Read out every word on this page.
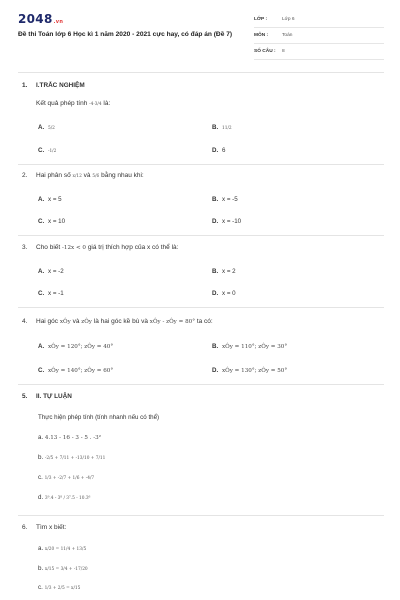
2048.vn
Đề thi Toán lớp 6 Học kì 1 năm 2020 - 2021 cực hay, có đáp án (Đề 7)
LỚP :	Lớp 6
MÔN :	Toán
SỐ CÂU :	8
1. I.TRẮC NGHIỆM
Kết quả phép tính -4·3/4 là:
A. 5/2	B. 11/2
C. -1/2	D. 6
2. Hai phân số x/12 và 5/6 bằng nhau khi:
A. x = 5	B. x = -5
C. x = 10	D. x = -10
3. Cho biết -12x < 0 giá trị thích hợp của x có thể là:
A. x = -2	B. x = 2
C. x = -1	D. x = 0
4. Hai góc xÔy và zÔy là hai góc kề bù và xÔy - zÔy = 80° ta có:
A. xÔy = 120°; zÔy = 40°	B. xÔy = 110°; zÔy = 30°
C. xÔy = 140°; zÔy = 60°	D. xÔy = 130°; zÔy = 50°
5. II. TỰ LUẬN
Thực hiện phép tính (tính nhanh nếu có thể)
a. 4.13 - 16 - 3 - 5 . -3²
b. -2/5 + 7/11 + -13/10 + 7/11
c. 1/3 + -2/7 + 1/6 + -4/7
d. 3⁹.4 - 3⁸ / 3⁷.5 - 10.3⁶
6. Tìm x biết:
a. x/20 = 11/4 + 13/5
b. x/15 = 3/4 + -17/20
c. 1/3 + 2/5 = x/15
